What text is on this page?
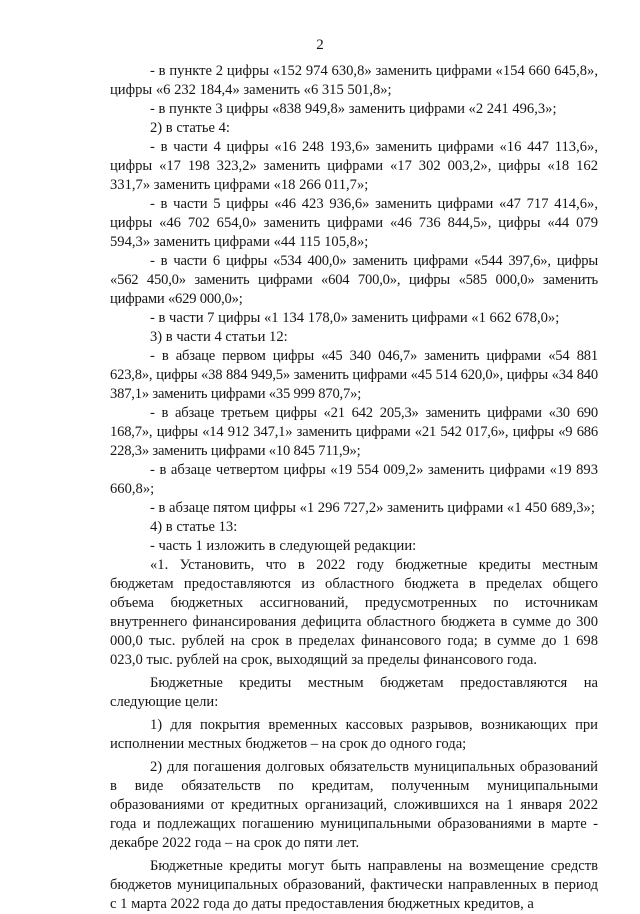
2

- в пункте 2 цифры «152 974 630,8» заменить цифрами «154 660 645,8», цифры «6 232 184,4» заменить «6 315 501,8»;

- в пункте 3 цифры «838 949,8» заменить цифрами «2 241 496,3»;

2) в статье 4:

- в части 4 цифры «16 248 193,6» заменить цифрами «16 447 113,6», цифры «17 198 323,2» заменить цифрами «17 302 003,2», цифры «18 162 331,7» заменить цифрами «18 266 011,7»;

- в части 5 цифры «46 423 936,6» заменить цифрами «47 717 414,6», цифры «46 702 654,0» заменить цифрами «46 736 844,5», цифры «44 079 594,3» заменить цифрами «44 115 105,8»;

- в части 6 цифры «534 400,0» заменить цифрами «544 397,6», цифры «562 450,0» заменить цифрами «604 700,0», цифры «585 000,0» заменить цифрами «629 000,0»;

- в части 7 цифры «1 134 178,0» заменить цифрами «1 662 678,0»;

3) в части 4 статьи 12:

- в абзаце первом цифры «45 340 046,7» заменить цифрами «54 881 623,8», цифры «38 884 949,5» заменить цифрами «45 514 620,0», цифры «34 840 387,1» заменить цифрами «35 999 870,7»;

- в абзаце третьем цифры «21 642 205,3» заменить цифрами «30 690 168,7», цифры «14 912 347,1» заменить цифрами «21 542 017,6», цифры «9 686 228,3» заменить цифрами «10 845 711,9»;

- в абзаце четвертом цифры «19 554 009,2» заменить цифрами «19 893 660,8»;

- в абзаце пятом цифры «1 296 727,2» заменить цифрами «1 450 689,3»;

4) в статье 13:

- часть 1 изложить в следующей редакции:

«1. Установить, что в 2022 году бюджетные кредиты местным бюджетам предоставляются из областного бюджета в пределах общего объема бюджетных ассигнований, предусмотренных по источникам внутреннего финансирования дефицита областного бюджета в сумме до 300 000,0 тыс. рублей на срок в пределах финансового года; в сумме до 1 698 023,0 тыс. рублей на срок, выходящий за пределы финансового года.

Бюджетные кредиты местным бюджетам предоставляются на следующие цели:

1) для покрытия временных кассовых разрывов, возникающих при исполнении местных бюджетов – на срок до одного года;

2) для погашения долговых обязательств муниципальных образований в виде обязательств по кредитам, полученным муниципальными образованиями от кредитных организаций, сложившихся на 1 января 2022 года и подлежащих погашению муниципальными образованиями в марте - декабре 2022 года – на срок до пяти лет.

Бюджетные кредиты могут быть направлены на возмещение средств бюджетов муниципальных образований, фактически направленных в период с 1 марта 2022 года до даты предоставления бюджетных кредитов, а
